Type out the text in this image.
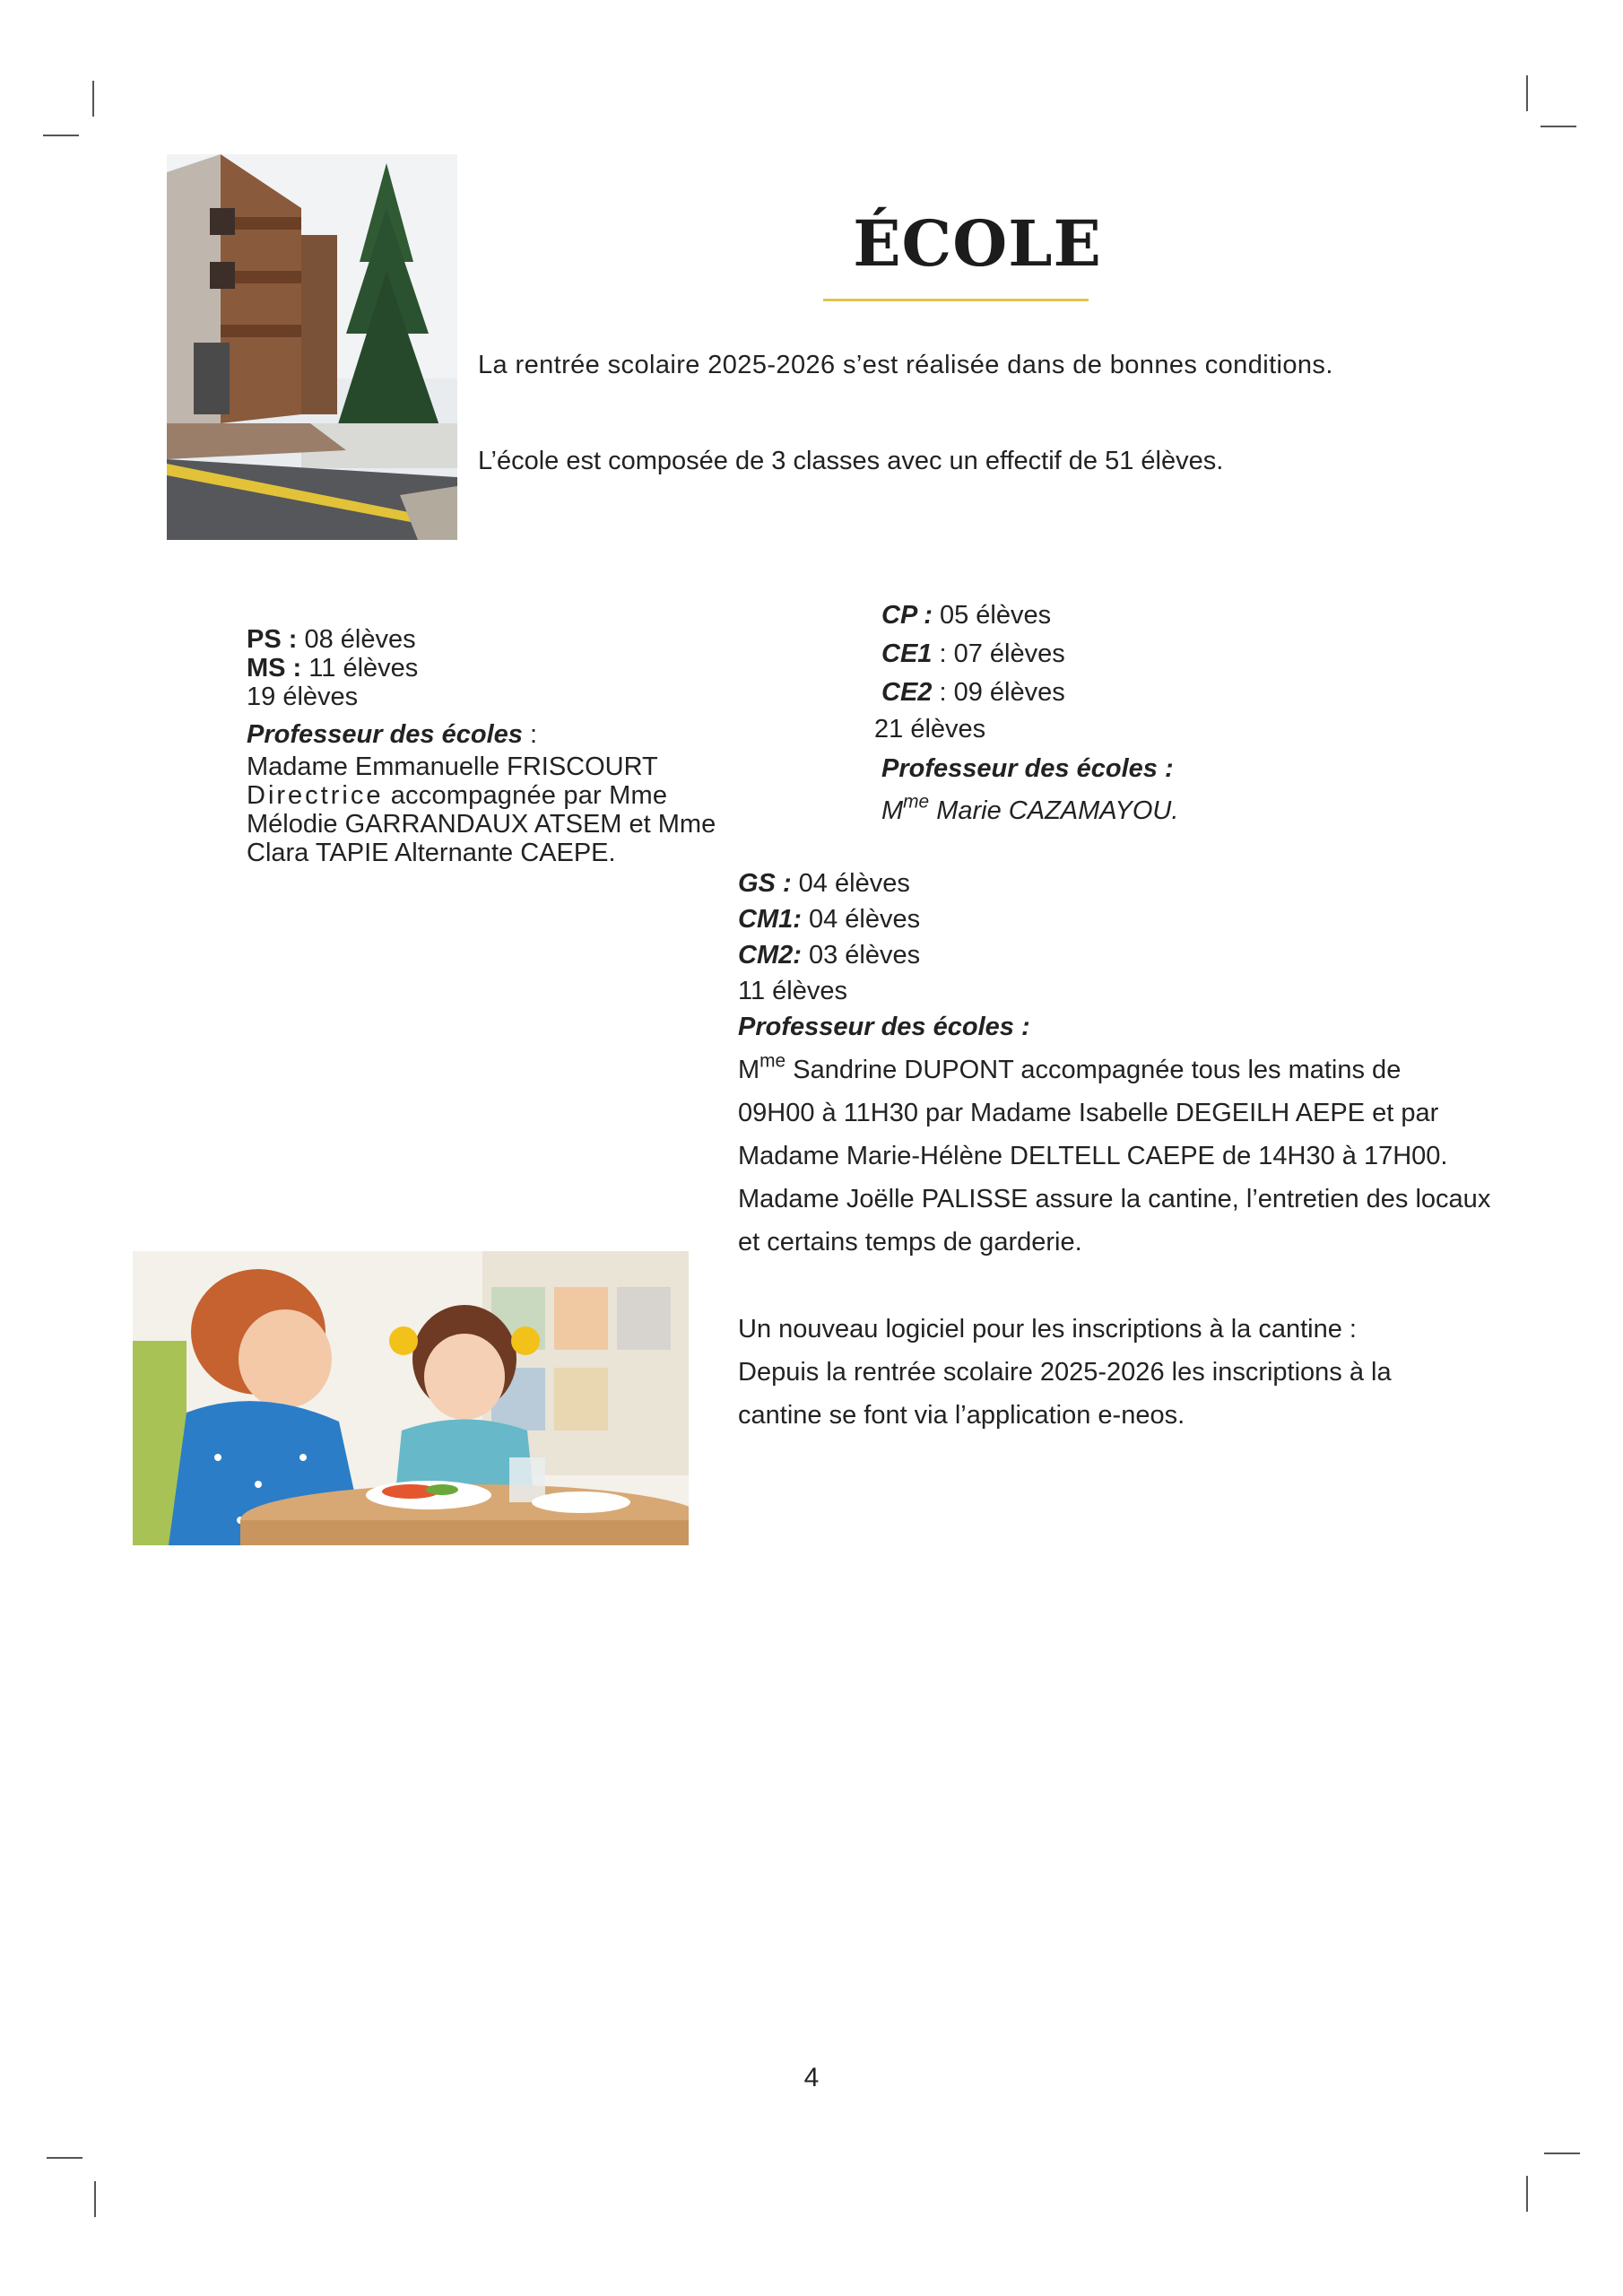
ÉCOLE
La rentrée scolaire 2025-2026 s’est réalisée dans de bonnes conditions.
L’école est composée de 3 classes avec un effectif de 51 élèves.
PS : 08 élèves
MS : 11 élèves
19 élèves
Professeur des écoles :
Madame Emmanuelle FRISCOURT
Directrice accompagnée par Mme
Mélodie GARRANDAUX ATSEM et Mme
Clara TAPIE Alternante CAEPE.
CP : 05 élèves
CE1 : 07 élèves
CE2 : 09 élèves
21 élèves
Professeur des écoles :
$M^{me}$ Marie CAZAMAYOU.
GS : 04 élèves
CM1: 04 élèves
CM2: 03 élèves
11 élèves
Professeur des écoles :
$M^{me}$ Sandrine DUPONT accompagnée tous les matins de
09H00 à 11H30 par Madame Isabelle DEGEILH AEPE et par
Madame Marie-Hélène DELTELL CAEPE de 14H30 à 17H00.
Madame Joëlle PALISSE assure la cantine, l’entretien des locaux
et certains temps de garderie.
Un nouveau logiciel pour les inscriptions à la cantine :
Depuis la rentrée scolaire 2025-2026 les inscriptions à la
cantine se font via l’application e-neos.
4
